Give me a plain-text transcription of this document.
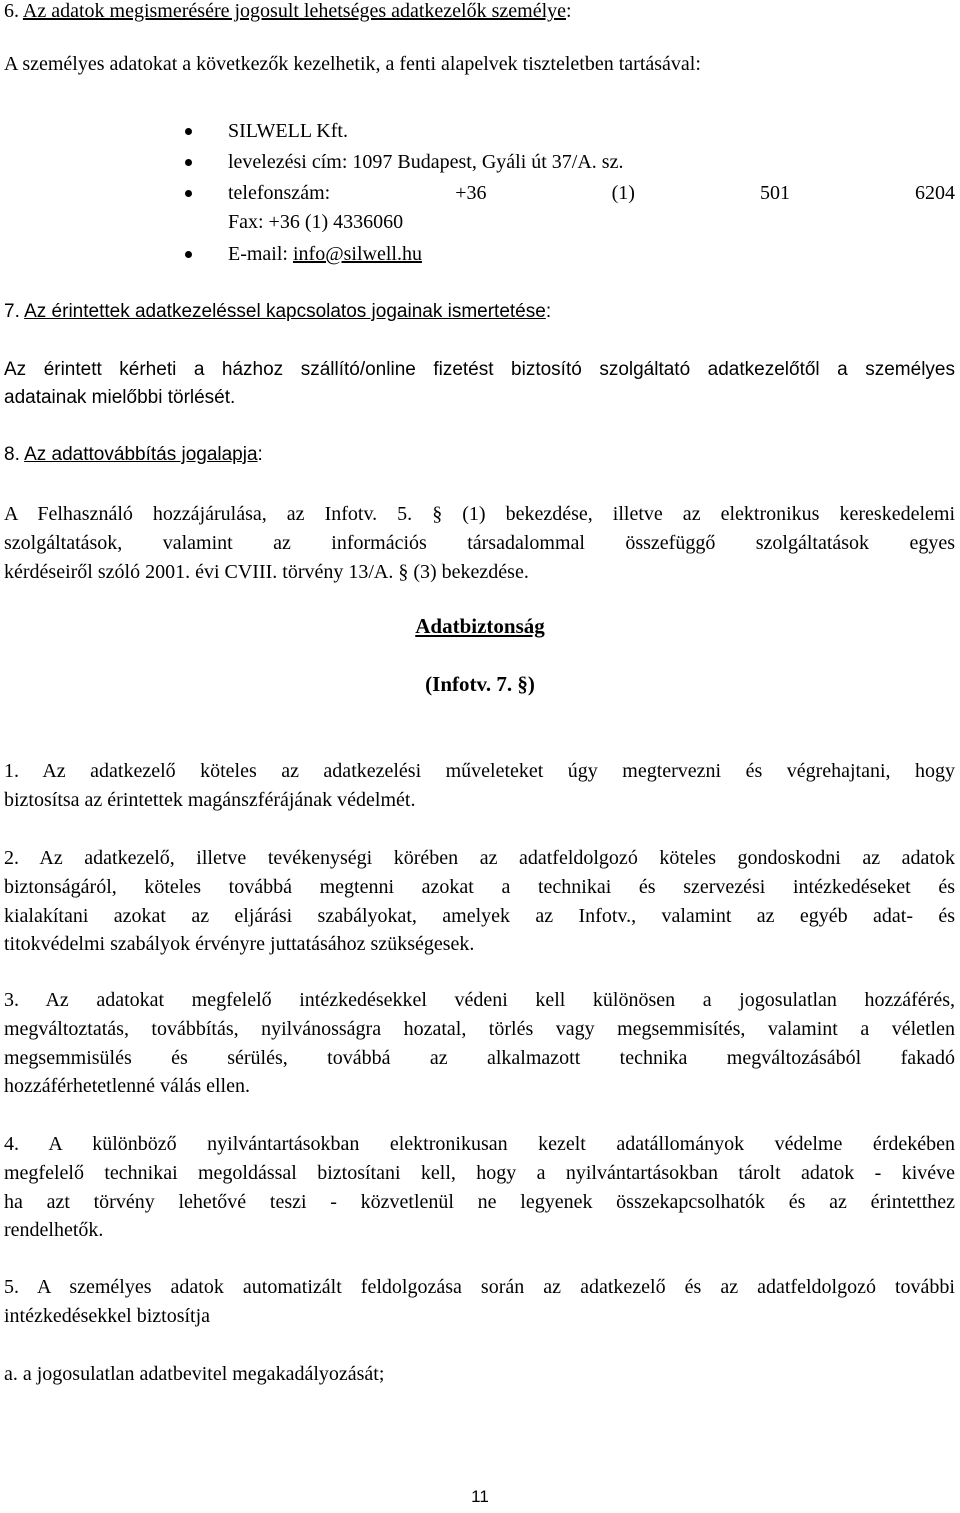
6. Az adatok megismerésére jogosult lehetséges adatkezelők személye:
A személyes adatokat a következők kezelhetik, a fenti alapelvek tiszteletben tartásával:
SILWELL Kft.
levelezési cím: 1097 Budapest, Gyáli út 37/A. sz.
telefonszám:	+36	(1)	501	6204
Fax: +36 (1) 4336060
E-mail: info@silwell.hu
7. Az érintettek adatkezeléssel kapcsolatos jogainak ismertetése:
Az érintett kérheti a házhoz szállító/online fizetést biztosító szolgáltató adatkezelőtől a személyes
adatainak mielőbbi törlését.
8. Az adattovábbítás jogalapja:
A Felhasználó hozzájárulása, az Infotv. 5. § (1) bekezdése, illetve az elektronikus kereskedelemi
szolgáltatások, valamint az információs társadalommal összefüggő szolgáltatások egyes
kérdéseiről szóló 2001. évi CVIII. törvény 13/A. § (3) bekezdése.
Adatbiztonság
(Infotv. 7. §)
1. Az adatkezelő köteles az adatkezelési műveleteket úgy megtervezni és végrehajtani, hogy
biztosítsa az érintettek magánszférájának védelmét.
2. Az adatkezelő, illetve tevékenységi körében az adatfeldolgozó köteles gondoskodni az adatok
biztonságáról, köteles továbbá megtenni azokat a technikai és szervezési intézkedéseket és
kialakítani azokat az eljárási szabályokat, amelyek az Infotv., valamint az egyéb adat- és
titokvédelmi szabályok érvényre juttatásához szükségesek.
3. Az adatokat megfelelő intézkedésekkel védeni kell különösen a jogosulatlan hozzáférés,
megváltoztatás, továbbítás, nyilvánosságra hozatal, törlés vagy megsemmisítés, valamint a véletlen
megsemmisülés és sérülés, továbbá az alkalmazott technika megváltozásából fakadó
hozzáférhetetlenné válás ellen.
4. A különböző nyilvántartásokban elektronikusan kezelt adatállományok védelme érdekében
megfelelő technikai megoldással biztosítani kell, hogy a nyilvántartásokban tárolt adatok - kivéve
ha azt törvény lehetővé teszi - közvetlenül ne legyenek összekapcsolhatók és az érintetthez
rendelhetők.
5. A személyes adatok automatizált feldolgozása során az adatkezelő és az adatfeldolgozó további
intézkedésekkel biztosítja
a. a jogosulatlan adatbevitel megakadályozását;
11
